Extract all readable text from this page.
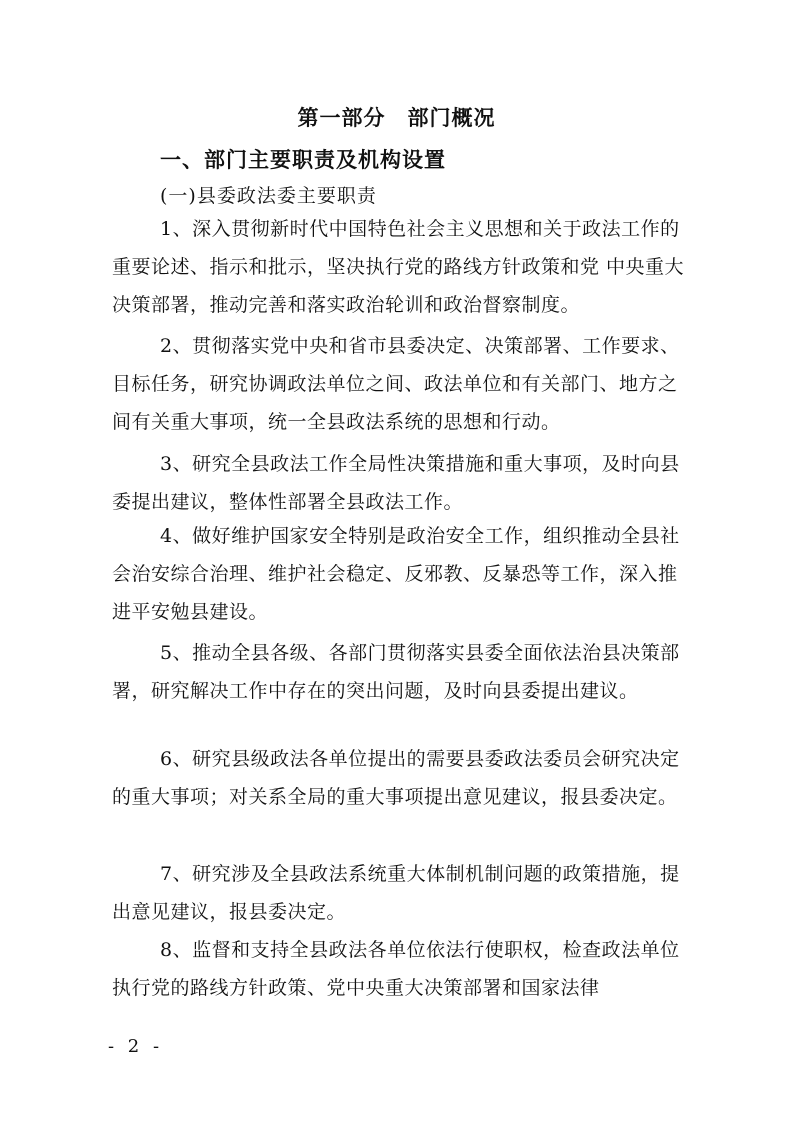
第一部分　部门概况
一、部门主要职责及机构设置
(一)县委政法委主要职责

1、深入贯彻新时代中国特色社会主义思想和关于政法工作的重要论述、指示和批示，坚决执行党的路线方针政策和党 中央重大决策部署，推动完善和落实政治轮训和政治督察制度。

2、贯彻落实党中央和省市县委决定、决策部署、工作要求、目标任务，研究协调政法单位之间、政法单位和有关部门、地方之间有关重大事项，统一全县政法系统的思想和行动。

3、研究全县政法工作全局性决策措施和重大事项，及时向县委提出建议，整体性部署全县政法工作。

4、做好维护国家安全特别是政治安全工作，组织推动全县社会治安综合治理、维护社会稳定、反邪教、反暴恐等工作，深入推进平安勉县建设。

5、推动全县各级、各部门贯彻落实县委全面依法治县决策部署，研究解决工作中存在的突出问题，及时向县委提出建议。

6、研究县级政法各单位提出的需要县委政法委员会研究决定的重大事项；对关系全局的重大事项提出意见建议，报县委决定。

7、研究涉及全县政法系统重大体制机制问题的政策措施，提出意见建议，报县委决定。

8、监督和支持全县政法各单位依法行使职权，检查政法单位执行党的路线方针政策、党中央重大决策部署和国家法律

- 2 -
